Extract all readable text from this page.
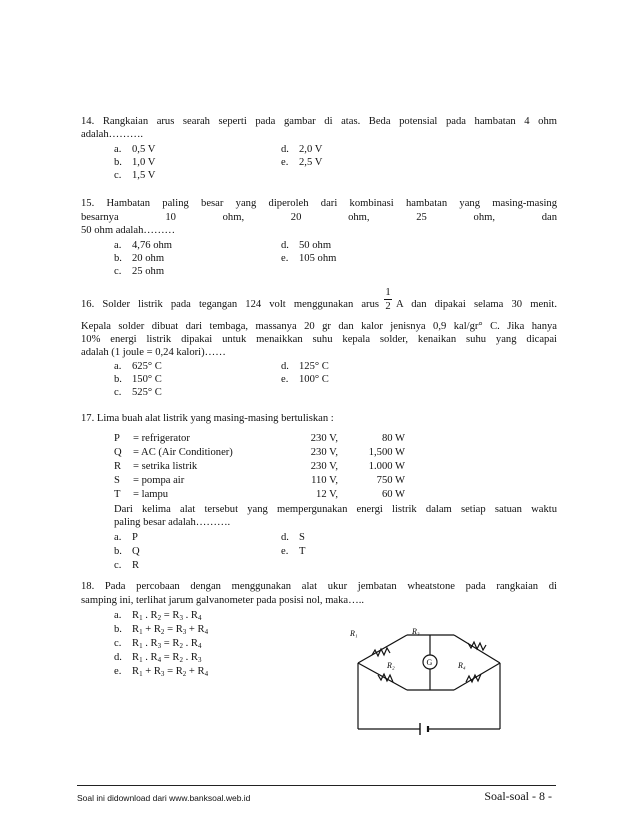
14. Rangkaian arus searah seperti pada gambar di atas. Beda potensial pada hambatan 4 ohm
adalah……….
a. 0,5 V
b. 1,0 V
c. 1,5 V
d. 2,0 V
e. 2,5 V
15. Hambatan paling besar yang diperoleh dari kombinasi hambatan yang masing-masing
besarnya	10	ohm,	20	ohm,	25	ohm,	dan
50 ohm adalah………
a. 4,76 ohm
b. 20 ohm
c. 25 ohm
d. 50 ohm
e. 105 ohm
16. Solder listrik pada tegangan 124 volt menggunakan arus
1
2 A dan dipakai selama 30 menit.
Kepala solder dibuat dari tembaga, massanya 20 gr dan kalor jenisnya 0,9 kal/gr° C. Jika hanya
10% energi listrik dipakai untuk menaikkan suhu kepala solder, kenaikan suhu yang dicapai
adalah (1 joule = 0,24 kalori)……
a. 625° C
b. 150° C
c. 525° C
d. 125° C
e. 100° C
17. Lima buah alat listrik yang masing-masing bertuliskan :
P = refrigerator	230 V,	80 W
Q = AC (Air Conditioner)	230 V,	1,500 W
R = setrika listrik	230 V,	1.000 W
S = pompa air	110 V,	750 W
T = lampu	12 V,	60 W
Dari kelima alat tersebut yang mempergunakan energi listrik dalam setiap satuan waktu
paling besar adalah……….
a. P
b. Q
c. R
d. S
e. T
18. Pada percobaan dengan menggunakan alat ukur jembatan wheatstone pada rangkaian di
samping ini, terlihat jarum galvanometer pada posisi nol, maka…..
a. $R_1$ . $R_2 = R_3$ . $R_4$
b. $R_1 + R_2 = R_3 + R_4$
c. $R_1$ . $R_3 = R_2$ . $R_4$
d. $R_1$ . $R_4 = R_2$ . $R_3$
e. $R_1 + R_3 = R_2 + R_4$
R₁	R₃
R₂	R₄
G
Soal ini didownload dari www.banksoal.web.id	Soal-soal - 8 -
